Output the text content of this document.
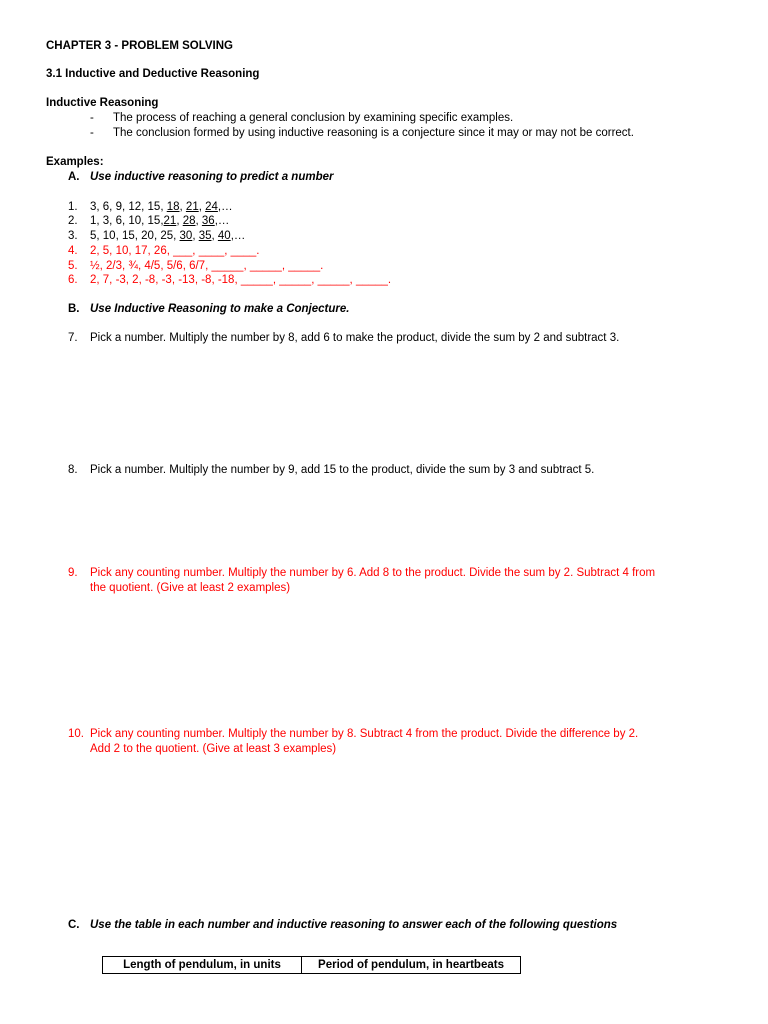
CHAPTER 3 - PROBLEM SOLVING
3.1 Inductive and Deductive Reasoning
Inductive Reasoning
- The process of reaching a general conclusion by examining specific examples.
- The conclusion formed by using inductive reasoning is a conjecture since it may or may not be correct.
Examples:
A. Use inductive reasoning to predict a number
1. 3, 6, 9, 12, 15, 18, 21, 24,…
2. 1, 3, 6, 10, 15,21, 28, 36,…
3. 5, 10, 15, 20, 25, 30, 35, 40,…
4. 2, 5, 10, 17, 26, ___, ____, ____.
5. ½, 2/3, ¾, 4/5, 5/6, 6/7, _____, _____, _____.
6. 2, 7, -3, 2, -8, -3, -13, -8, -18, _____, _____, _____, _____.
B. Use Inductive Reasoning to make a Conjecture.
7. Pick a number. Multiply the number by 8, add 6 to make the product, divide the sum by 2 and subtract 3.
8. Pick a number. Multiply the number by 9, add 15 to the product, divide the sum by 3 and subtract 5.
9. Pick any counting number. Multiply the number by 6. Add 8 to the product. Divide the sum by 2. Subtract 4 from
the quotient. (Give at least 2 examples)
10. Pick any counting number. Multiply the number by 8. Subtract 4 from the product. Divide the difference by 2.
Add 2 to the quotient. (Give at least 3 examples)
C. Use the table in each number and inductive reasoning to answer each of the following questions
Length of pendulum, in units	Period of pendulum, in heartbeats
